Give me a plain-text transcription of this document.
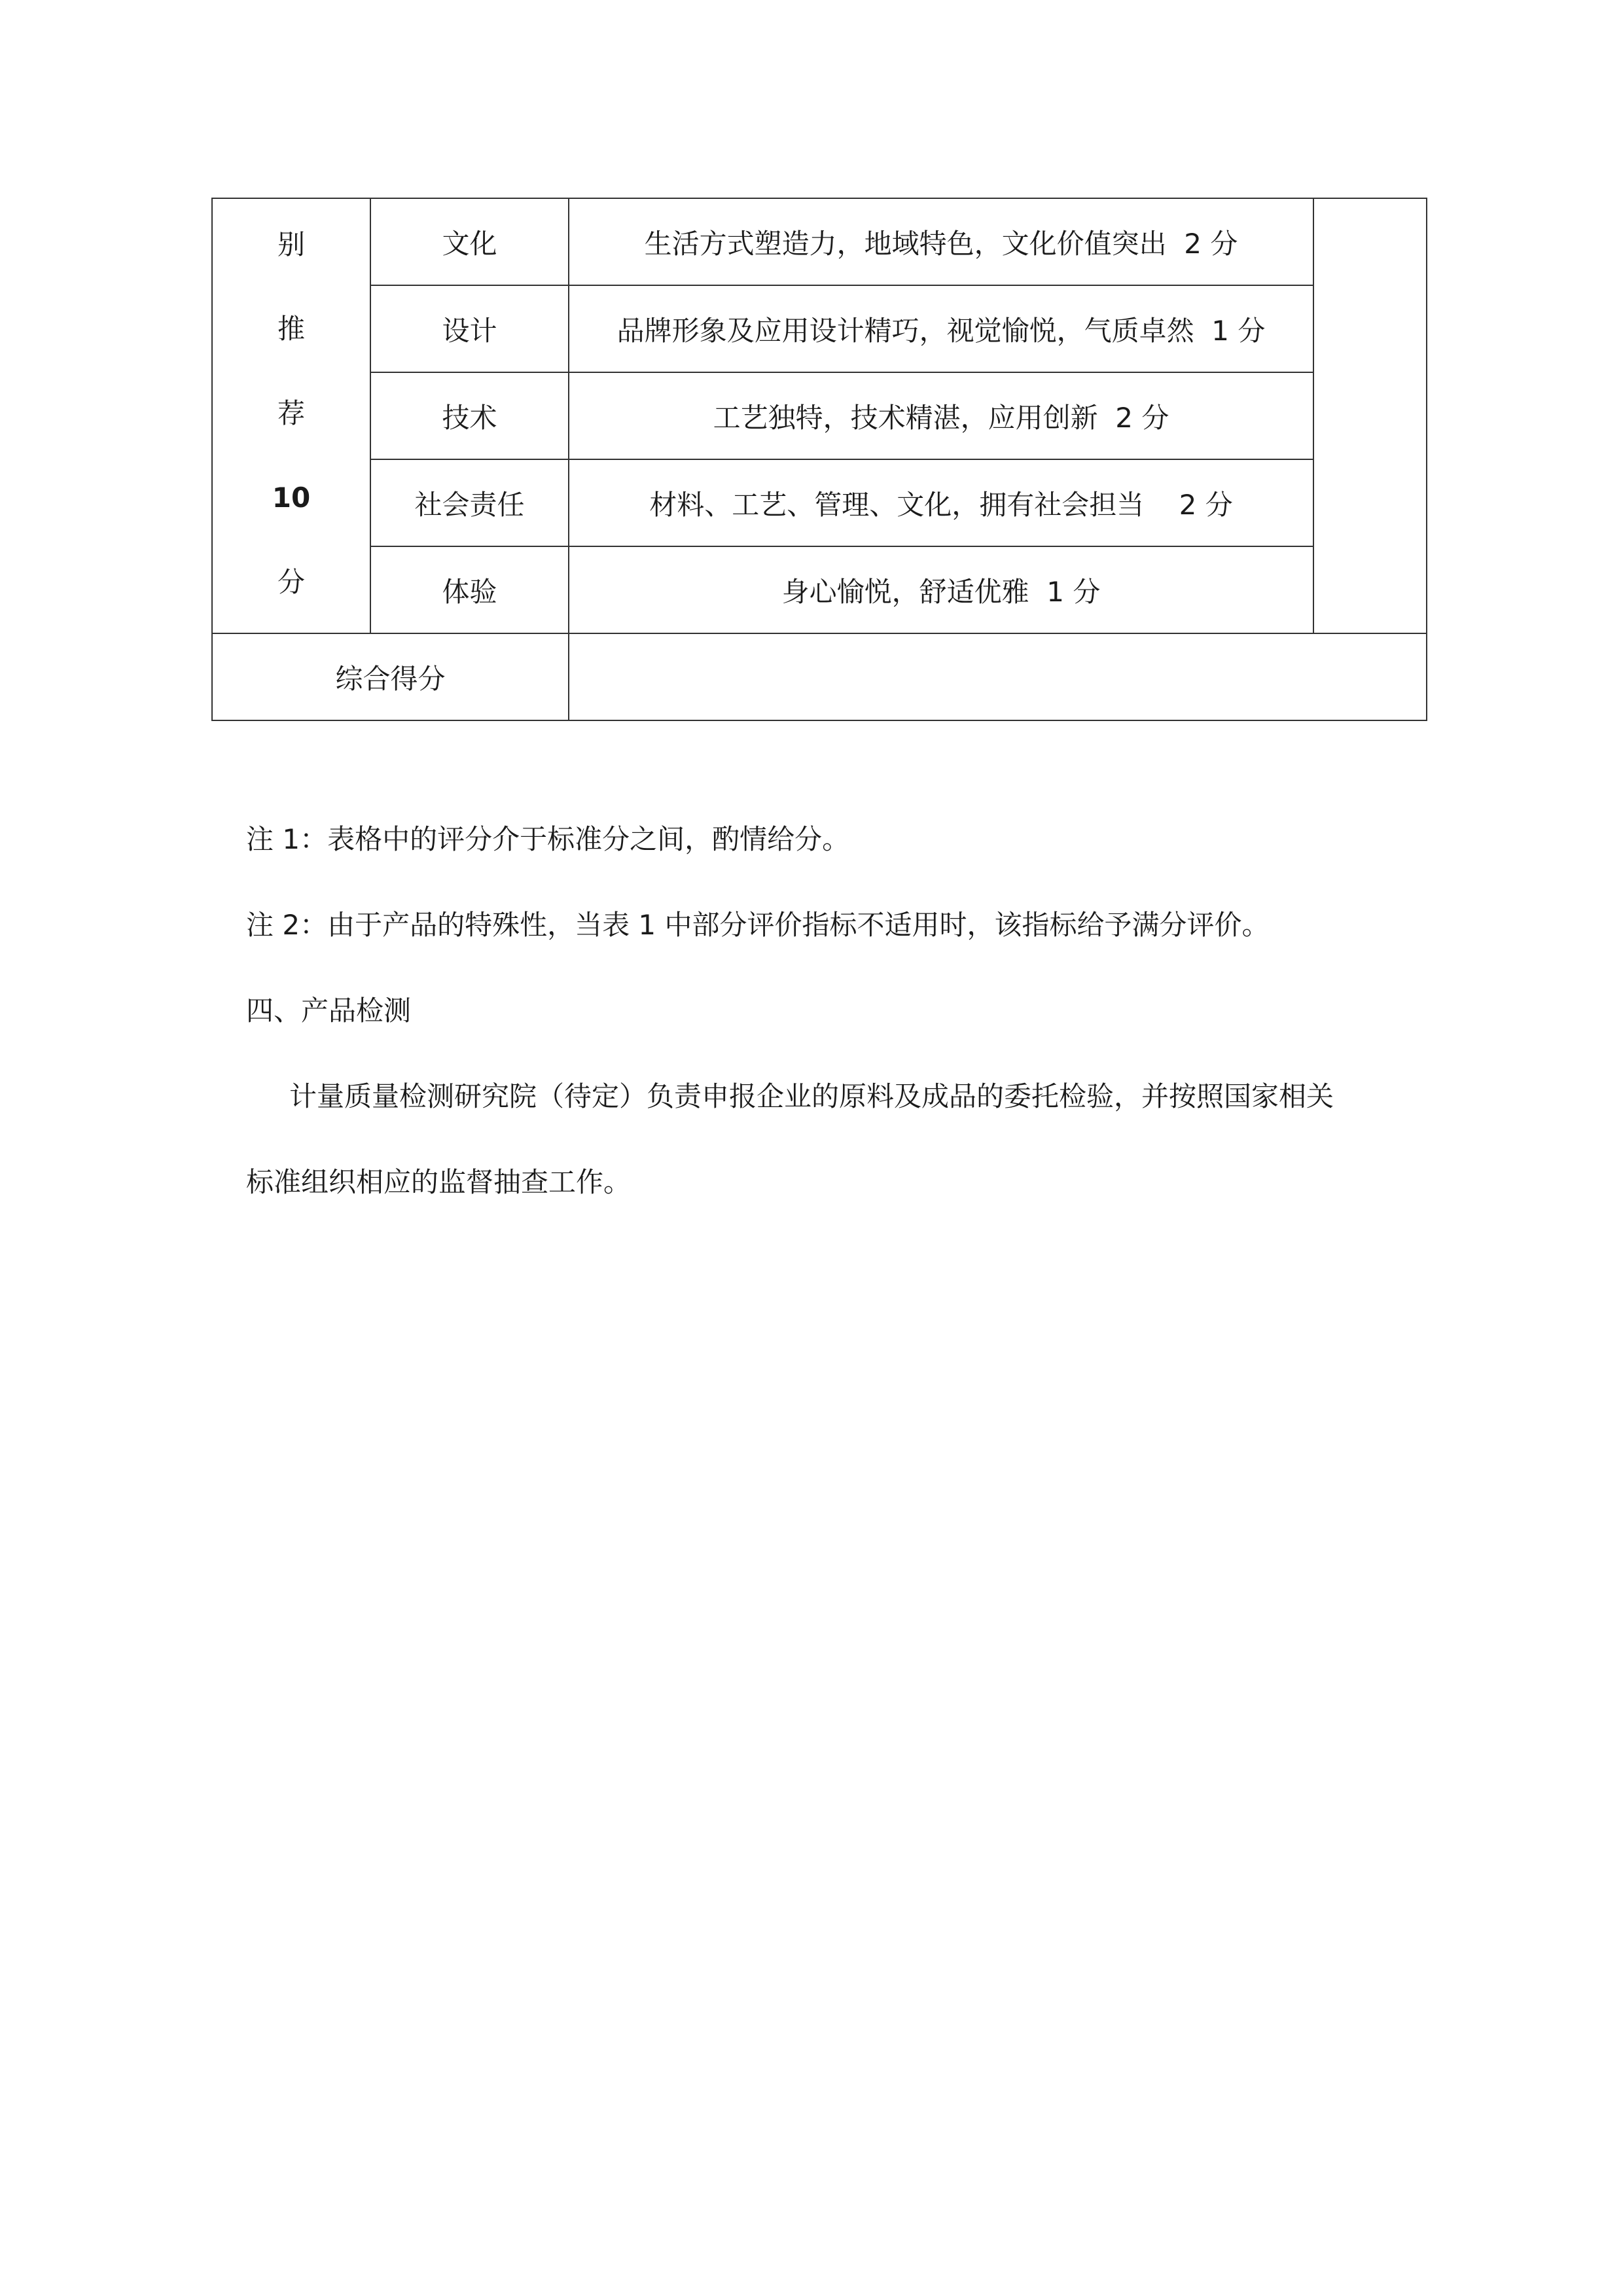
别
推
荐
10
分	文化	生活方式塑造力，地域特色，文化价值突出  2 分	
	设计	品牌形象及应用设计精巧，视觉愉悦，气质卓然  1 分	
	技术	工艺独特，技术精湛，应用创新  2 分	
	社会责任	材料、工艺、管理、文化，拥有社会担当    2 分	
	体验	身心愉悦，舒适优雅  1 分	
综合得分			
注 1：表格中的评分介于标准分之间，酌情给分。
注 2：由于产品的特殊性，当表 1 中部分评价指标不适用时，该指标给予满分评价。
四、产品检测
计量质量检测研究院（待定）负责申报企业的原料及成品的委托检验，并按照国家相关
标准组织相应的监督抽查工作。
